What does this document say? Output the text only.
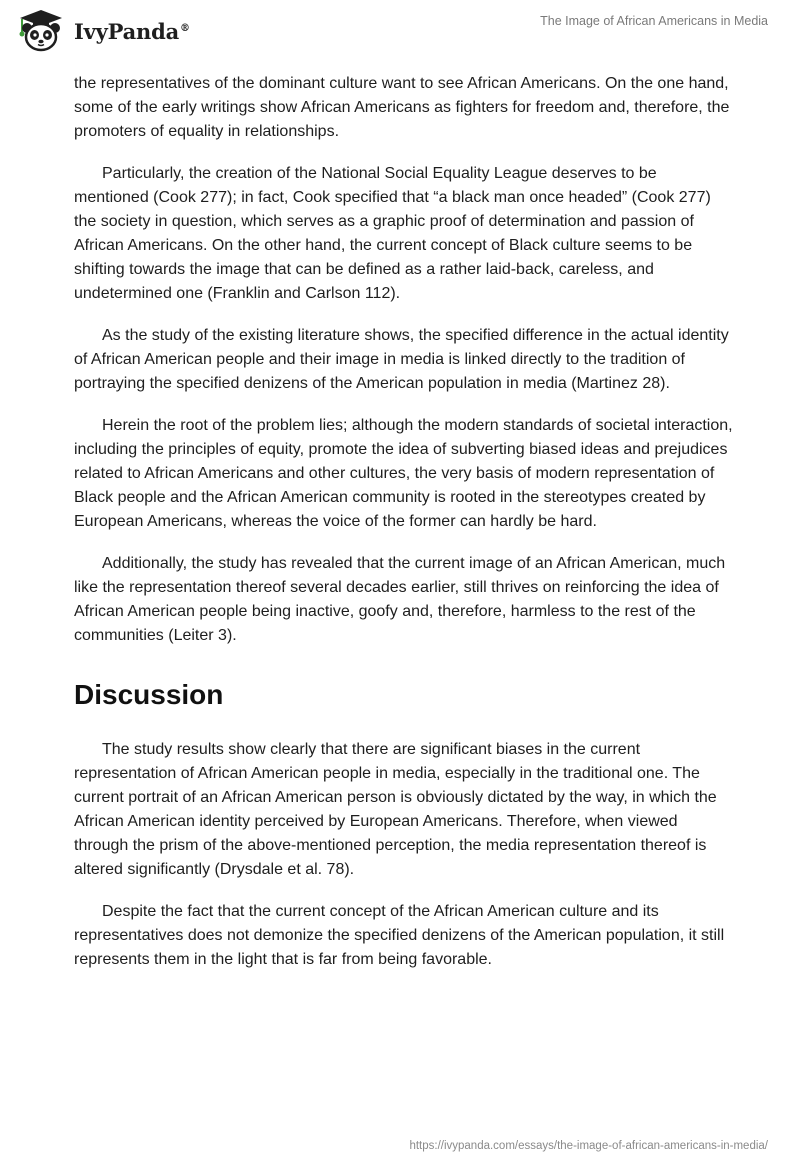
IvyPanda®	The Image of African Americans in Media

the representatives of the dominant culture want to see African Americans. On the one hand, some of the early writings show African Americans as fighters for freedom and, therefore, the promoters of equality in relationships.

Particularly, the creation of the National Social Equality League deserves to be mentioned (Cook 277); in fact, Cook specified that “a black man once headed” (Cook 277) the society in question, which serves as a graphic proof of determination and passion of African Americans. On the other hand, the current concept of Black culture seems to be shifting towards the image that can be defined as a rather laid-back, careless, and undetermined one (Franklin and Carlson 112).

As the study of the existing literature shows, the specified difference in the actual identity of African American people and their image in media is linked directly to the tradition of portraying the specified denizens of the American population in media (Martinez 28).

Herein the root of the problem lies; although the modern standards of societal interaction, including the principles of equity, promote the idea of subverting biased ideas and prejudices related to African Americans and other cultures, the very basis of modern representation of Black people and the African American community is rooted in the stereotypes created by European Americans, whereas the voice of the former can hardly be hard.

Additionally, the study has revealed that the current image of an African American, much like the representation thereof several decades earlier, still thrives on reinforcing the idea of African American people being inactive, goofy and, therefore, harmless to the rest of the communities (Leiter 3).

Discussion

The study results show clearly that there are significant biases in the current representation of African American people in media, especially in the traditional one. The current portrait of an African American person is obviously dictated by the way, in which the African American identity perceived by European Americans. Therefore, when viewed through the prism of the above-mentioned perception, the media representation thereof is altered significantly (Drysdale et al. 78).

Despite the fact that the current concept of the African American culture and its representatives does not demonize the specified denizens of the American population, it still represents them in the light that is far from being favorable.

https://ivypanda.com/essays/the-image-of-african-americans-in-media/
